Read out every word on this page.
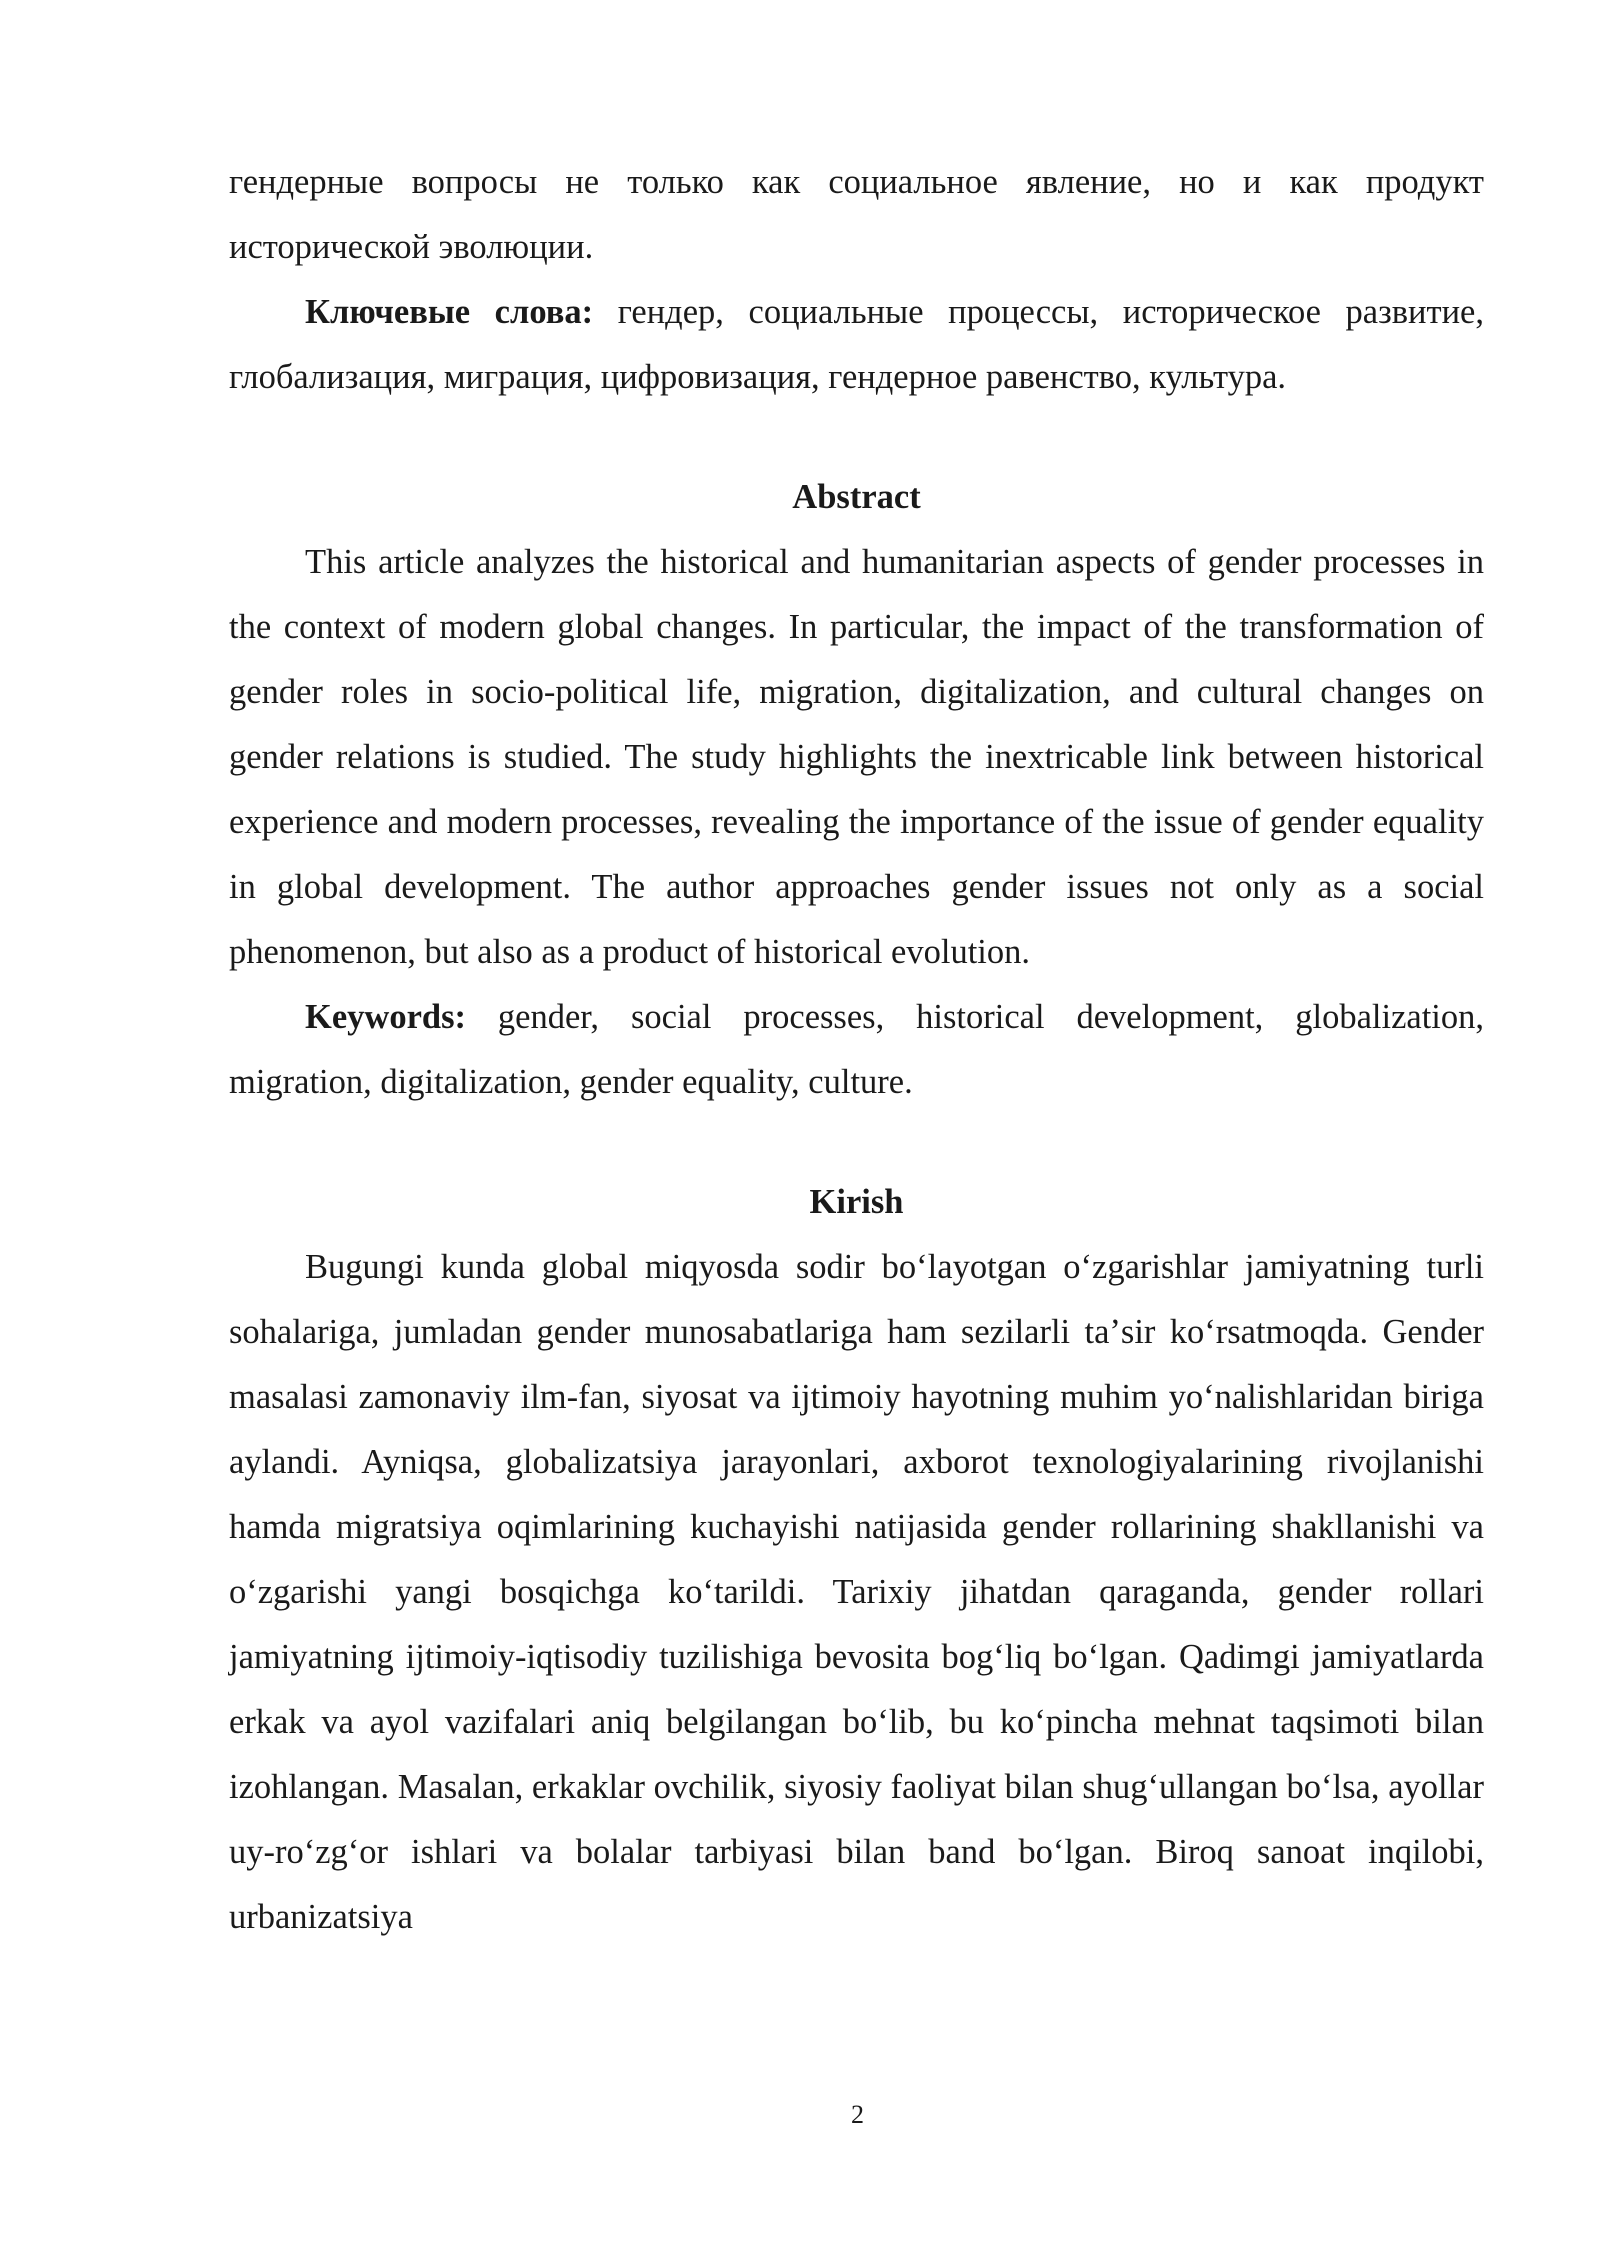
гендерные вопросы не только как социальное явление, но и как продукт исторической эволюции.

Ключевые слова: гендер, социальные процессы, историческое развитие, глобализация, миграция, цифровизация, гендерное равенство, культура.

Abstract

This article analyzes the historical and humanitarian aspects of gender processes in the context of modern global changes. In particular, the impact of the transformation of gender roles in socio-political life, migration, digitalization, and cultural changes on gender relations is studied. The study highlights the inextricable link between historical experience and modern processes, revealing the importance of the issue of gender equality in global development. The author approaches gender issues not only as a social phenomenon, but also as a product of historical evolution.

Keywords: gender, social processes, historical development, globalization, migration, digitalization, gender equality, culture.

Kirish

Bugungi kunda global miqyosda sodir boʻlayotgan oʻzgarishlar jamiyatning turli sohalariga, jumladan gender munosabatlariga ham sezilarli taʼsir koʻrsatmoqda. Gender masalasi zamonaviy ilm-fan, siyosat va ijtimoiy hayotning muhim yoʻnalishlaridan biriga aylandi. Ayniqsa, globalizatsiya jarayonlari, axborot texnologiyalarining rivojlanishi hamda migratsiya oqimlarining kuchayishi natijasida gender rollarining shakllanishi va oʻzgarishi yangi bosqichga koʻtarildi. Tarixiy jihatdan qaraganda, gender rollari jamiyatning ijtimoiy-iqtisodiy tuzilishiga bevosita bogʻliq boʻlgan. Qadimgi jamiyatlarda erkak va ayol vazifalari aniq belgilangan boʻlib, bu koʻpincha mehnat taqsimoti bilan izohlangan. Masalan, erkaklar ovchilik, siyosiy faoliyat bilan shugʻullangan boʻlsa, ayollar uy-roʻzgʻor ishlari va bolalar tarbiyasi bilan band boʻlgan. Biroq sanoat inqilobi, urbanizatsiya

2
